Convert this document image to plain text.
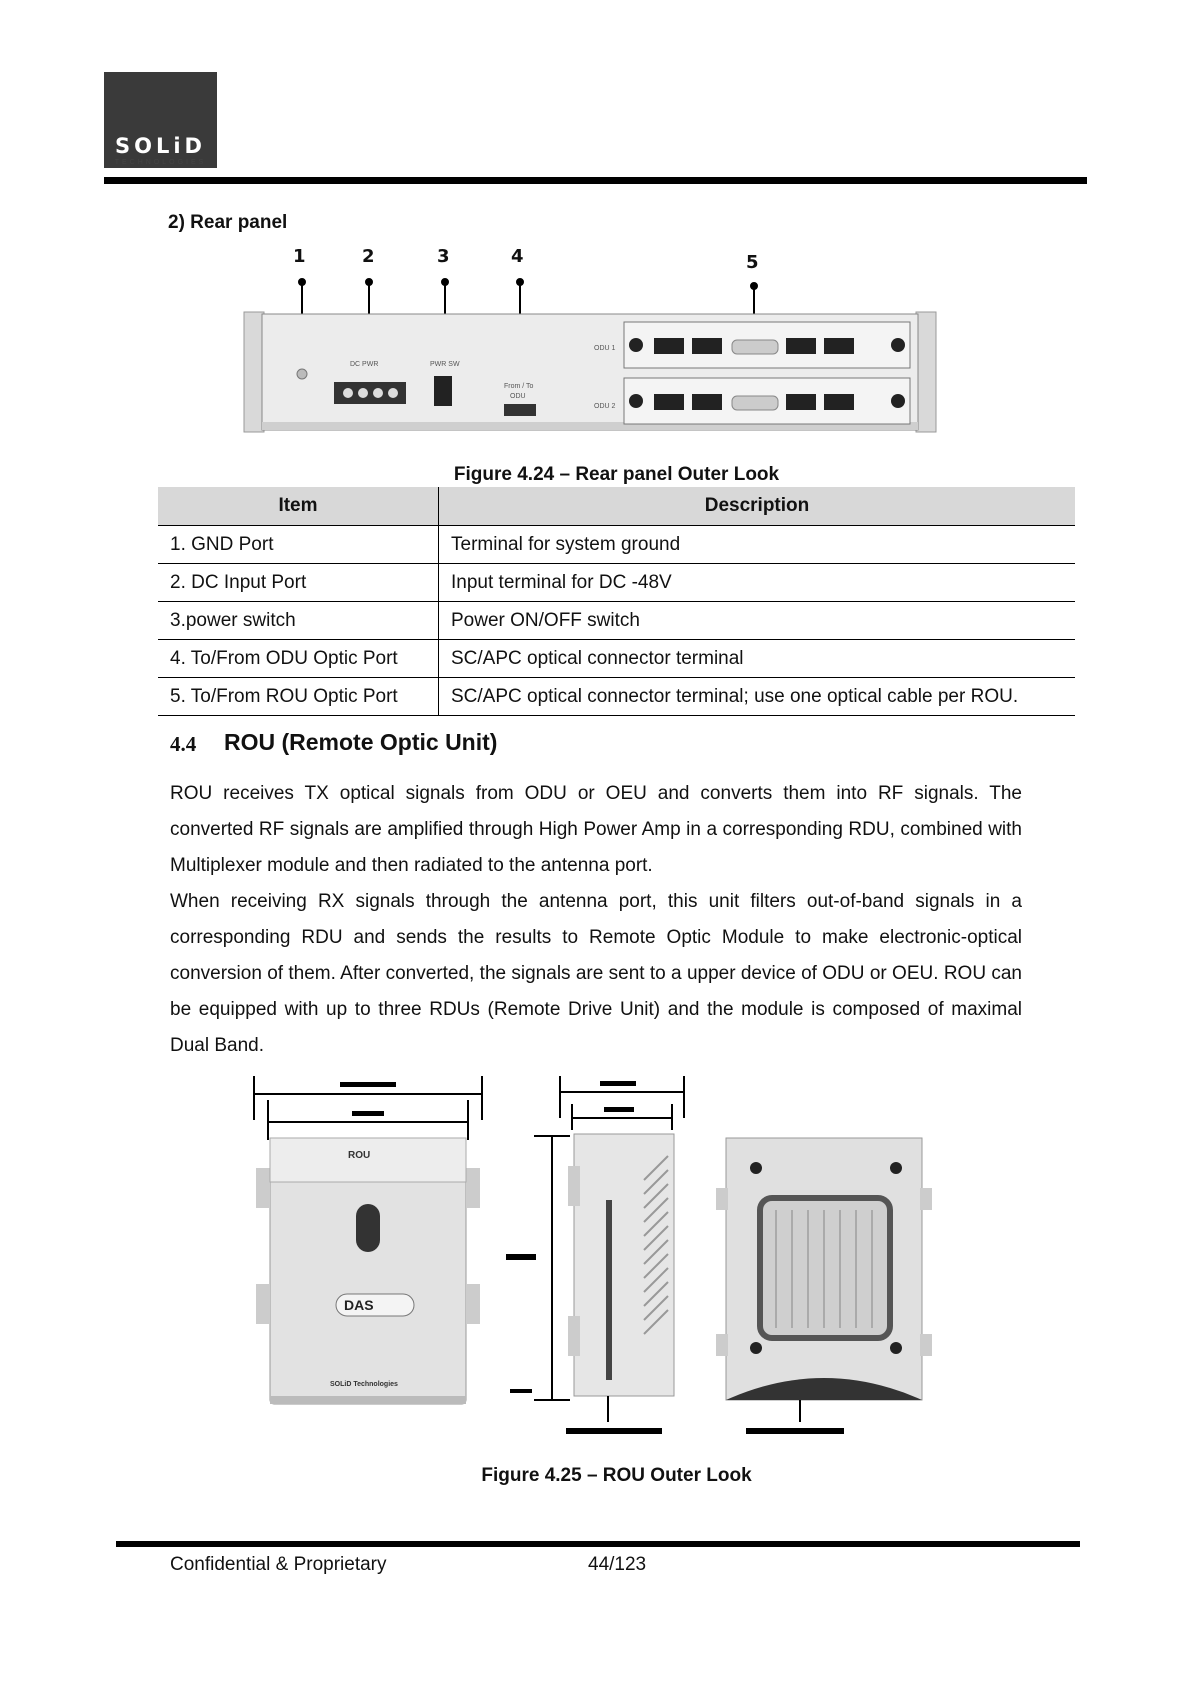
SOLiD
TECHNOLOGIES
2) Rear panel
1	2	3	4	5
DC PWR	PWR SW
From / To
ODU
ODU 1
ODU 2
Figure 4.24 – Rear panel Outer Look
Item	Description
1. GND Port	Terminal for system ground
2. DC Input Port	Input terminal for DC -48V
3.power switch	Power ON/OFF switch
4. To/From ODU Optic Port	SC/APC optical connector terminal
5. To/From ROU Optic Port	SC/APC optical connector terminal; use one optical cable per ROU.
4.4 ROU (Remote Optic Unit)

ROU receives TX optical signals from ODU or OEU and converts them into RF signals. The converted RF signals are amplified through High Power Amp in a corresponding RDU, combined with Multiplexer module and then radiated to the antenna port.

When receiving RX signals through the antenna port, this unit filters out-of-band signals in a corresponding RDU and sends the results to Remote Optic Module to make electronic-optical conversion of them. After converted, the signals are sent to a upper device of ODU or OEU. ROU can be equipped with up to three RDUs (Remote Drive Unit) and the module is composed of maximal Dual Band.

ROU
DAS
SOLiD Technologies
Figure 4.25 – ROU Outer Look
Confidential & Proprietary	44/123
